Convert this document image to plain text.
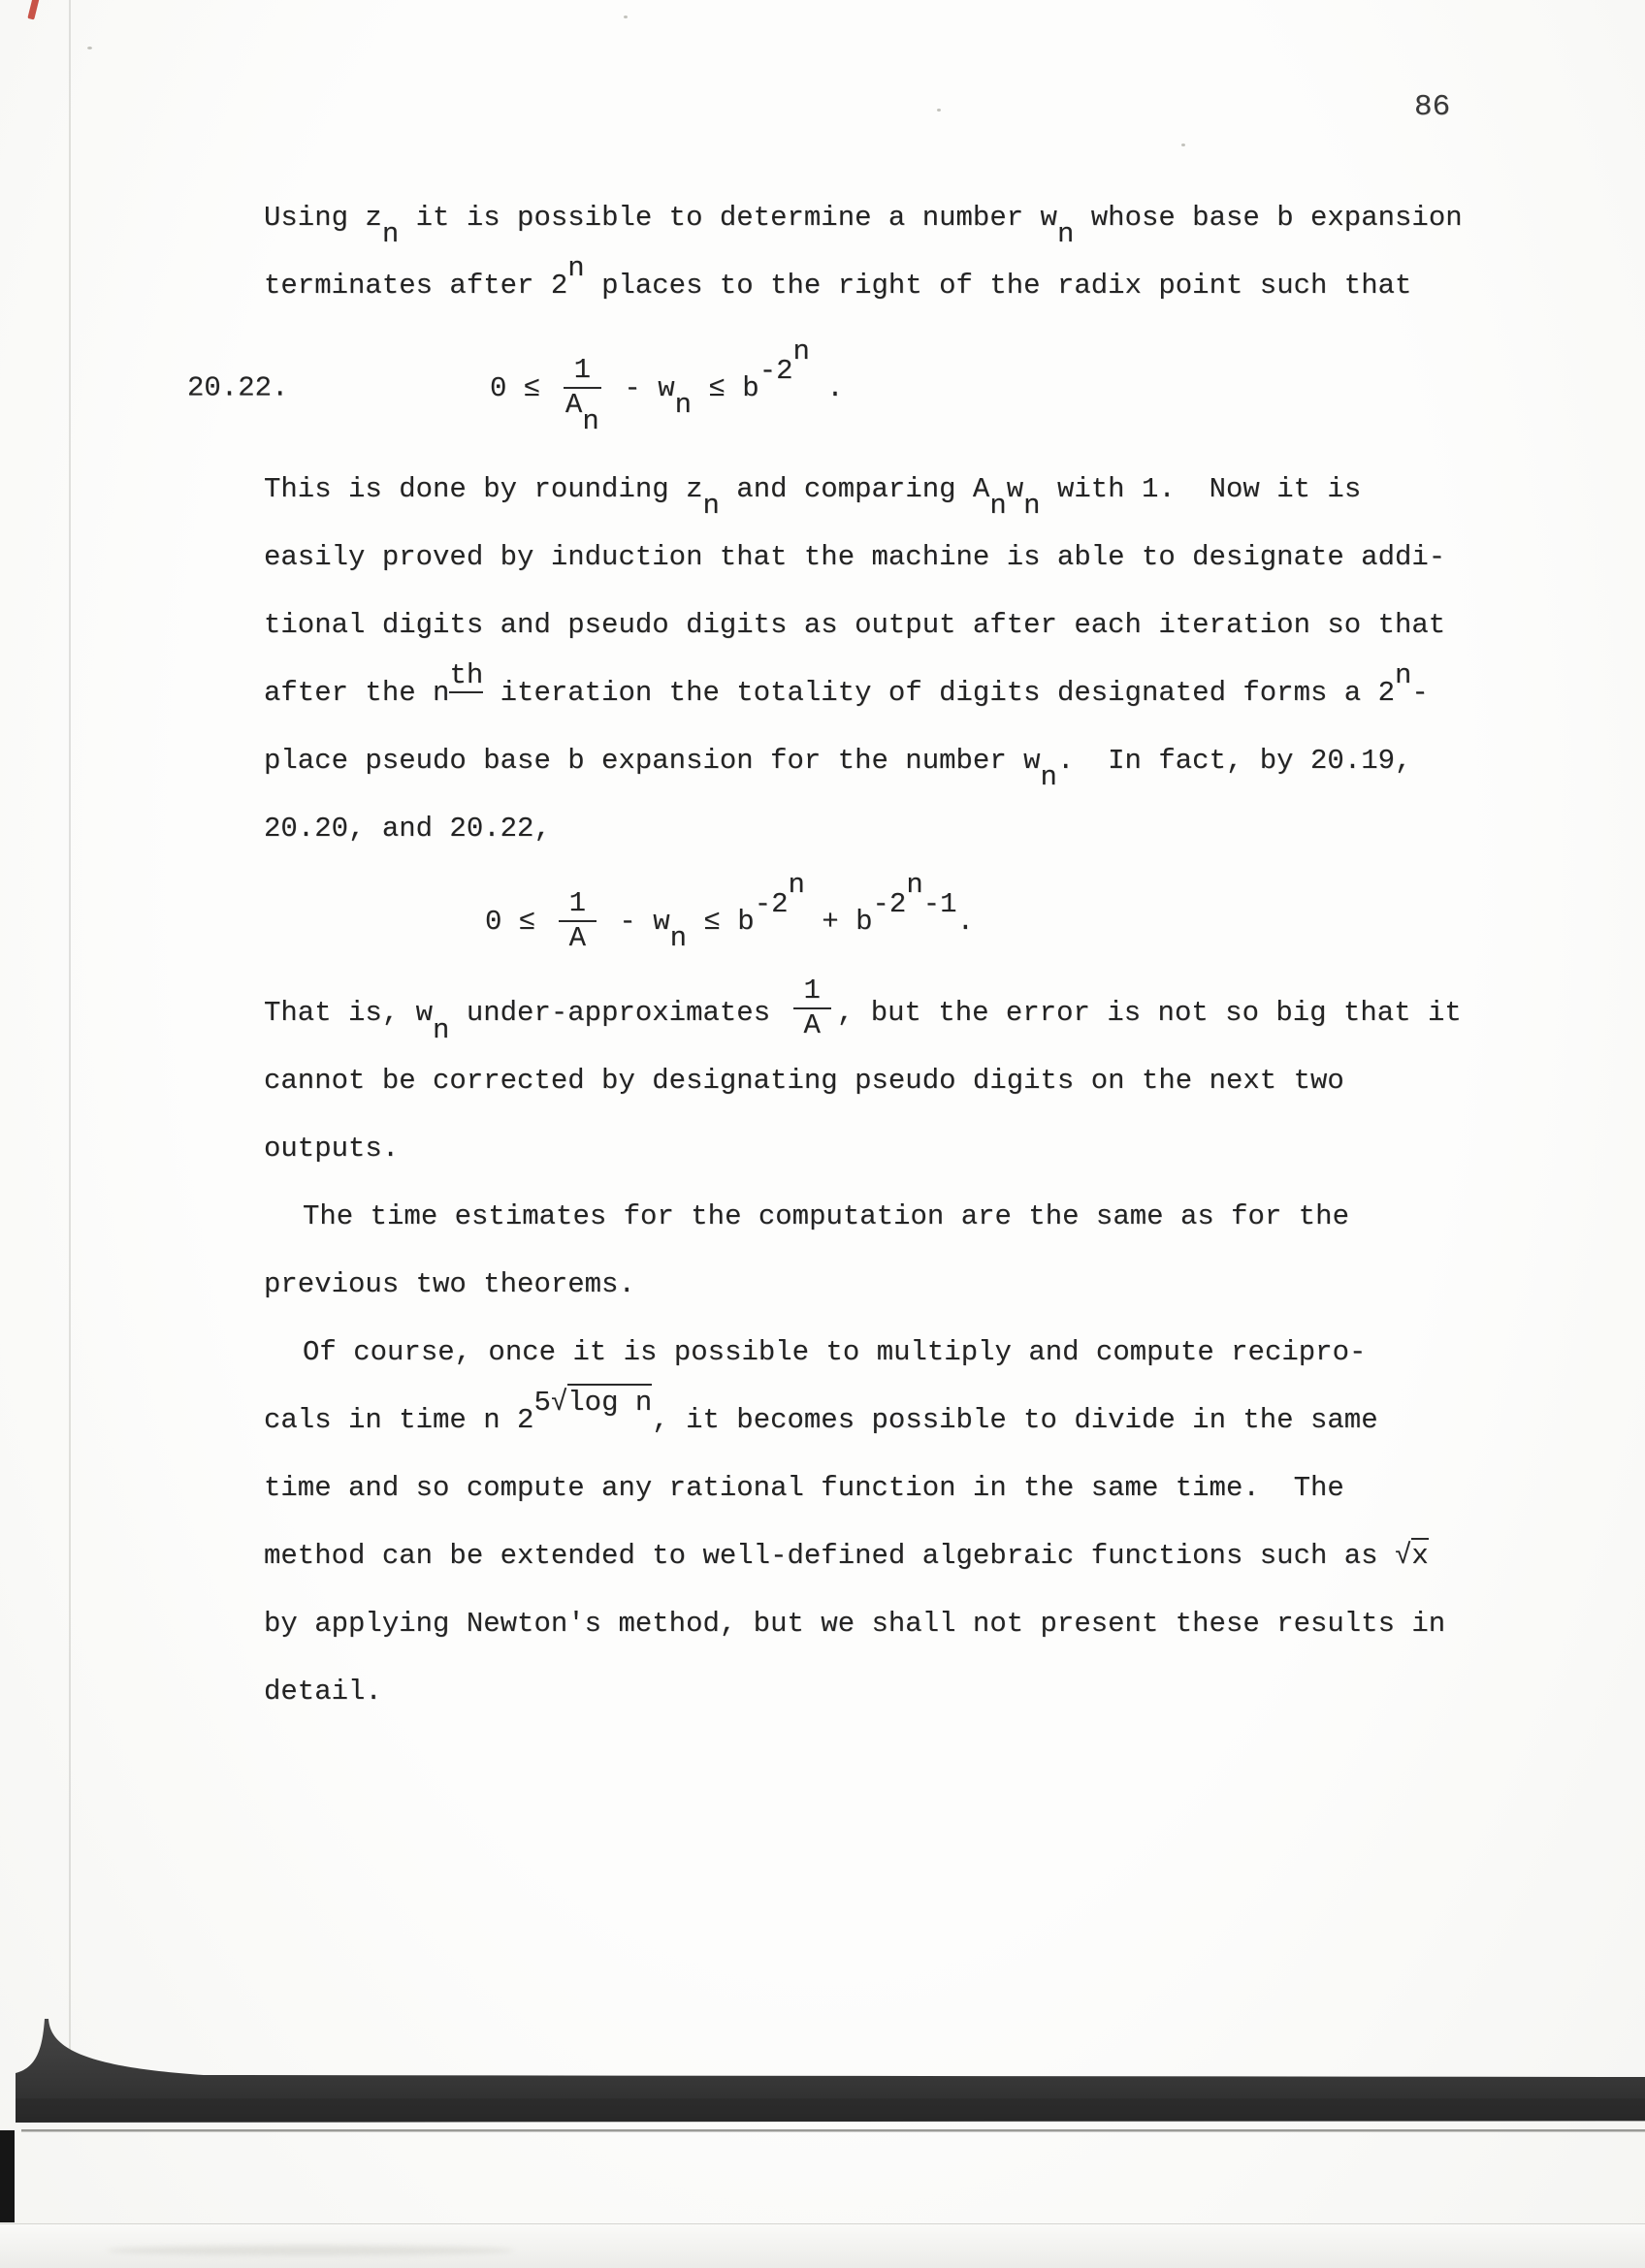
86
Using zn it is possible to determine a number wn whose base b expansion
terminates after 2n places to the right of the radix point such that
20.22.	$0 \le \frac{1}{An} - w$
n
≤ b
-2
n
.
This is done by rounding zn and comparing Anwn with 1.  Now it is
easily proved by induction that the machine is able to designate addi-
tional digits and pseudo digits as output after each iteration so that
after the nth iteration the totality of digits designated forms a 2n-
place pseudo base b expansion for the number wn.  In fact, by 20.19,
20.20, and 20.22,
$0 \le \frac{1}{A} - w$
n
≤ b
-2
n
+ b
-2
n
-1
.
That is, wn under-approximates $\frac{1}{A}$ , but the error is not so big that it
cannot be corrected by designating pseudo digits on the next two
outputs.
The time estimates for the computation are the same as for the
previous two theorems.
Of course, once it is possible to multiply and compute recipro-
cals in time n 25√log n, it becomes possible to divide in the same
time and so compute any rational function in the same time.  The
method can be extended to well-defined algebraic functions such as √x
by applying Newton's method, but we shall not present these results in
detail.
